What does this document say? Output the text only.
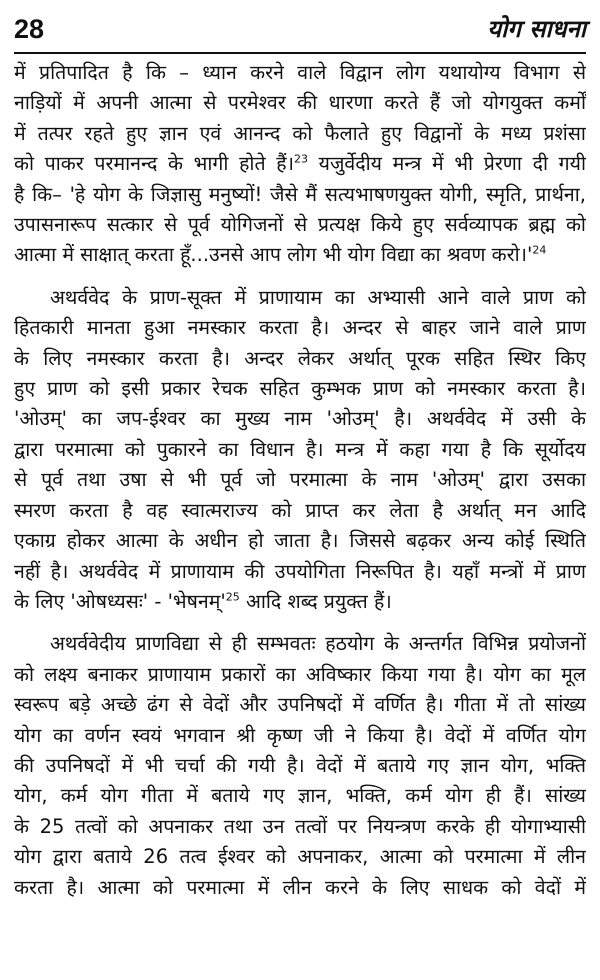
28	योग साधना
में प्रतिपादित है कि – ध्यान करने वाले विद्वान लोग यथायोग्य विभाग से
नाड़ियों में अपनी आत्मा से परमेश्वर की धारणा करते हैं जो योगयुक्त कर्मों
में तत्पर रहते हुए ज्ञान एवं आनन्द को फैलाते हुए विद्वानों के मध्य प्रशंसा
को पाकर परमानन्द के भागी होते हैं।$^{23}$ यजुर्वेदीय मन्त्र में भी प्रेरणा दी गयी
है कि– 'हे योग के जिज्ञासु मनुष्यों! जैसे मैं सत्यभाषणयुक्त योगी, स्मृति, प्रार्थना,
उपासनारूप सत्कार से पूर्व योगिजनों से प्रत्यक्ष किये हुए सर्वव्यापक ब्रह्म को
आत्मा में साक्षात् करता हूँ...उनसे आप लोग भी योग विद्या का श्रवण $करो।'^{24}$
अथर्ववेद के प्राण-सूक्त में प्राणायाम का अभ्यासी आने वाले प्राण को
हितकारी मानता हुआ नमस्कार करता है। अन्दर से बाहर जाने वाले प्राण
के लिए नमस्कार करता है। अन्दर लेकर अर्थात् पूरक सहित स्थिर किए
हुए प्राण को इसी प्रकार रेचक सहित कुम्भक प्राण को नमस्कार करता है।
'ओउम्' का जप-ईश्वर का मुख्य नाम 'ओउम्' है। अथर्ववेद में उसी के
द्वारा परमात्मा को पुकारने का विधान है। मन्त्र में कहा गया है कि सूर्योदय
से पूर्व तथा उषा से भी पूर्व जो परमात्मा के नाम 'ओउम्' द्वारा उसका
स्मरण करता है वह स्वात्मराज्य को प्राप्त कर लेता है अर्थात् मन आदि
एकाग्र होकर आत्मा के अधीन हो जाता है। जिससे बढ़कर अन्य कोई स्थिति
नहीं है। अथर्ववेद में प्राणायाम की उपयोगिता निरूपित है। यहाँ मन्त्रों में प्राण
के लिए 'ओषध्यसः' - '$भेषनम्'^{25}$ आदि शब्द प्रयुक्त हैं।
अथर्ववेदीय प्राणविद्या से ही सम्भवतः हठयोग के अन्तर्गत विभिन्न प्रयोजनों
को लक्ष्य बनाकर प्राणायाम प्रकारों का अविष्कार किया गया है। योग का मूल
स्वरूप बड़े अच्छे ढंग से वेदों और उपनिषदों में वर्णित है। गीता में तो सांख्य
योग का वर्णन स्वयं भगवान श्री कृष्ण जी ने किया है। वेदों में वर्णित योग
की उपनिषदों में भी चर्चा की गयी है। वेदों में बताये गए ज्ञान योग, भक्ति
योग, कर्म योग गीता में बताये गए ज्ञान, भक्ति, कर्म योग ही हैं। सांख्य
के 25 तत्वों को अपनाकर तथा उन तत्वों पर नियन्त्रण करके ही योगाभ्यासी
योग द्वारा बताये 26 तत्व ईश्वर को अपनाकर, आत्मा को परमात्मा में लीन
करता है। आत्मा को परमात्मा में लीन करने के लिए साधक को वेदों में
